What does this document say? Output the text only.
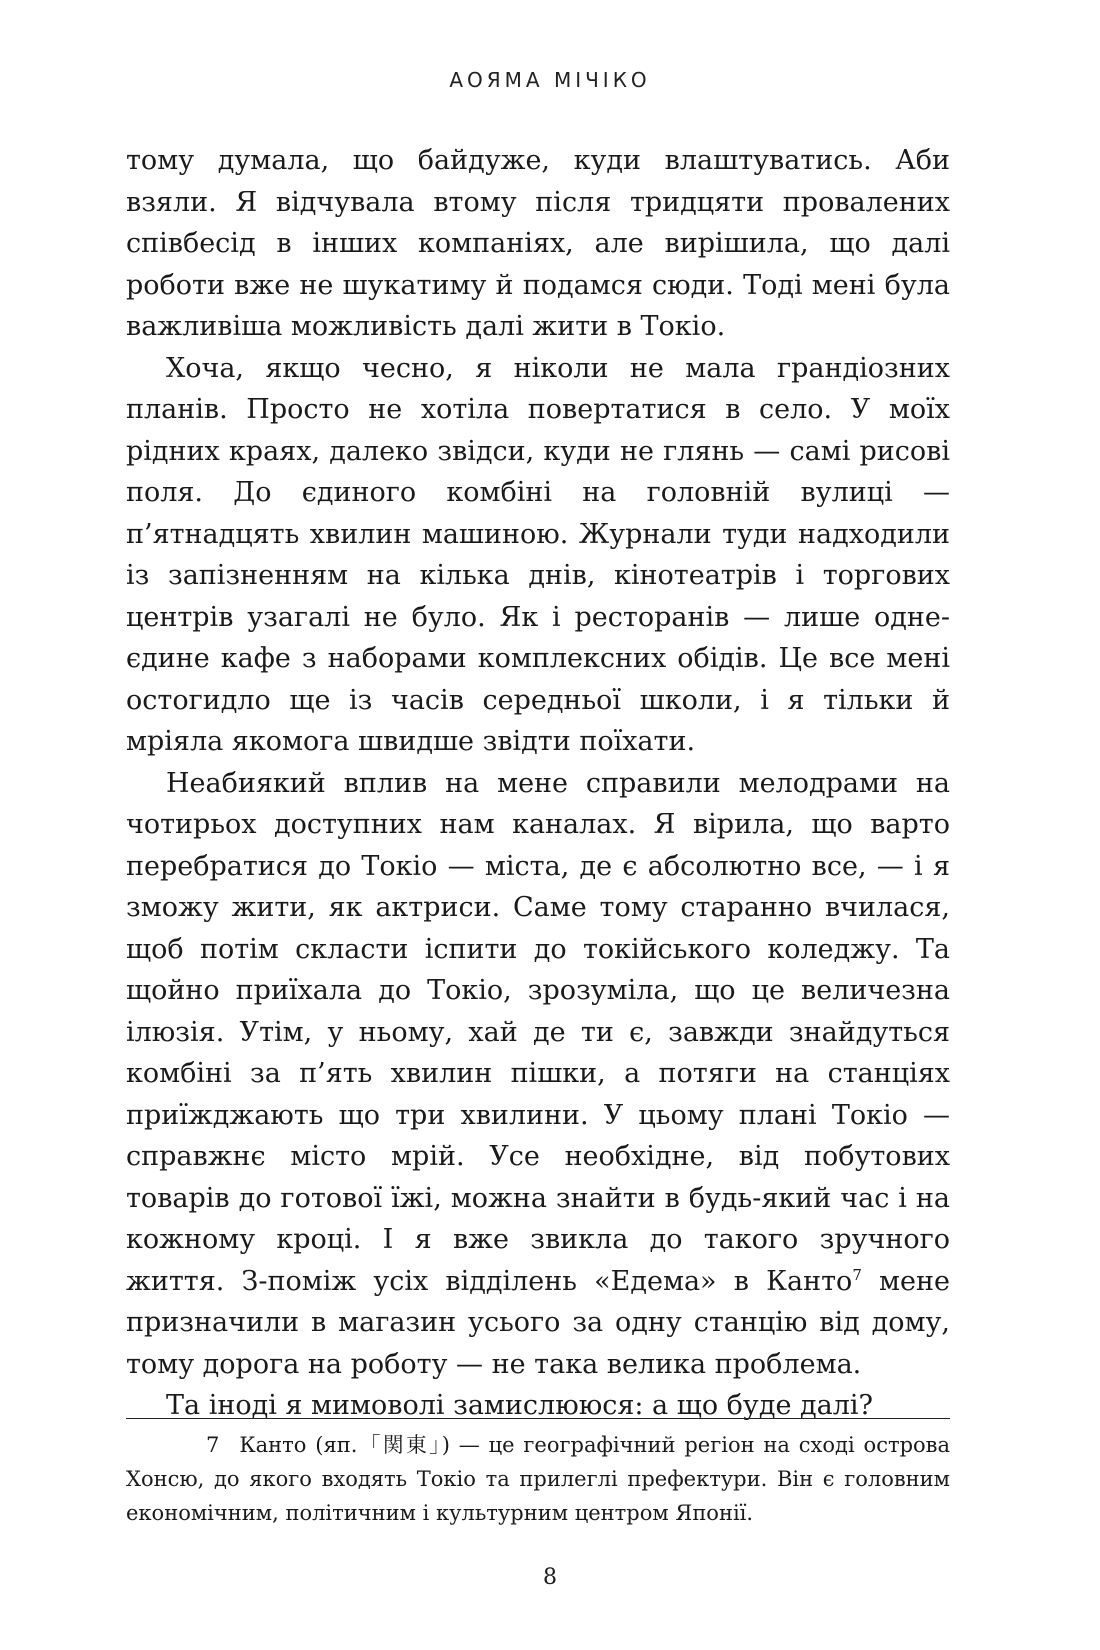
АОЯМА МІЧІКО

тому думала, що байдуже, куди влаштуватись. Аби взяли. Я відчувала втому після тридцяти провалених співбесід в інших компаніях, але вирішила, що далі роботи вже не шукатиму й подамся сюди. Тоді мені була важливіша можливість далі жити в Токіо.

Хоча, якщо чесно, я ніколи не мала грандіозних планів. Просто не хотіла повертатися в село. У моїх рідних краях, далеко звідси, куди не глянь — самі рисові поля. До єдиного комбіні на головній вулиці — п’ятнадцять хвилин машиною. Журнали туди надходили із запізненням на кілька днів, кінотеатрів і торгових центрів узагалі не було. Як і ресторанів — лише одне-єдине кафе з наборами комплексних обідів. Це все мені остогидло ще із часів середньої школи, і я тільки й мріяла якомога швидше звідти поїхати.

Неабиякий вплив на мене справили мелодрами на чотирьох доступних нам каналах. Я вірила, що варто перебратися до Токіо — міста, де є абсолютно все, — і я зможу жити, як актриси. Саме тому старанно вчилася, щоб потім скласти іспити до токійського коледжу. Та щойно приїхала до Токіо, зрозуміла, що це величезна ілюзія. Утім, у ньому, хай де ти є, завжди знайдуться комбіні за п’ять хвилин пішки, а потяги на станціях приїжджають що три хвилини. У цьому плані Токіо — справжнє місто мрій. Усе необхідне, від побутових товарів до готової їжі, можна знайти в будь-який час і на кожному кроці. І я вже звикла до такого зручного життя. З-поміж усіх відділень «Едема» в Канто$^7$ мене призначили в магазин усього за одну станцію від дому, тому дорога на роботу — не така велика проблема.

Та іноді я мимоволі замислююся: а що буде далі?

7 Канто (яп.「関東」) — це географічний регіон на сході острова Хонсю, до якого входять Токіо та прилеглі префектури. Він є головним економічним, політичним і культурним центром Японії.

8
